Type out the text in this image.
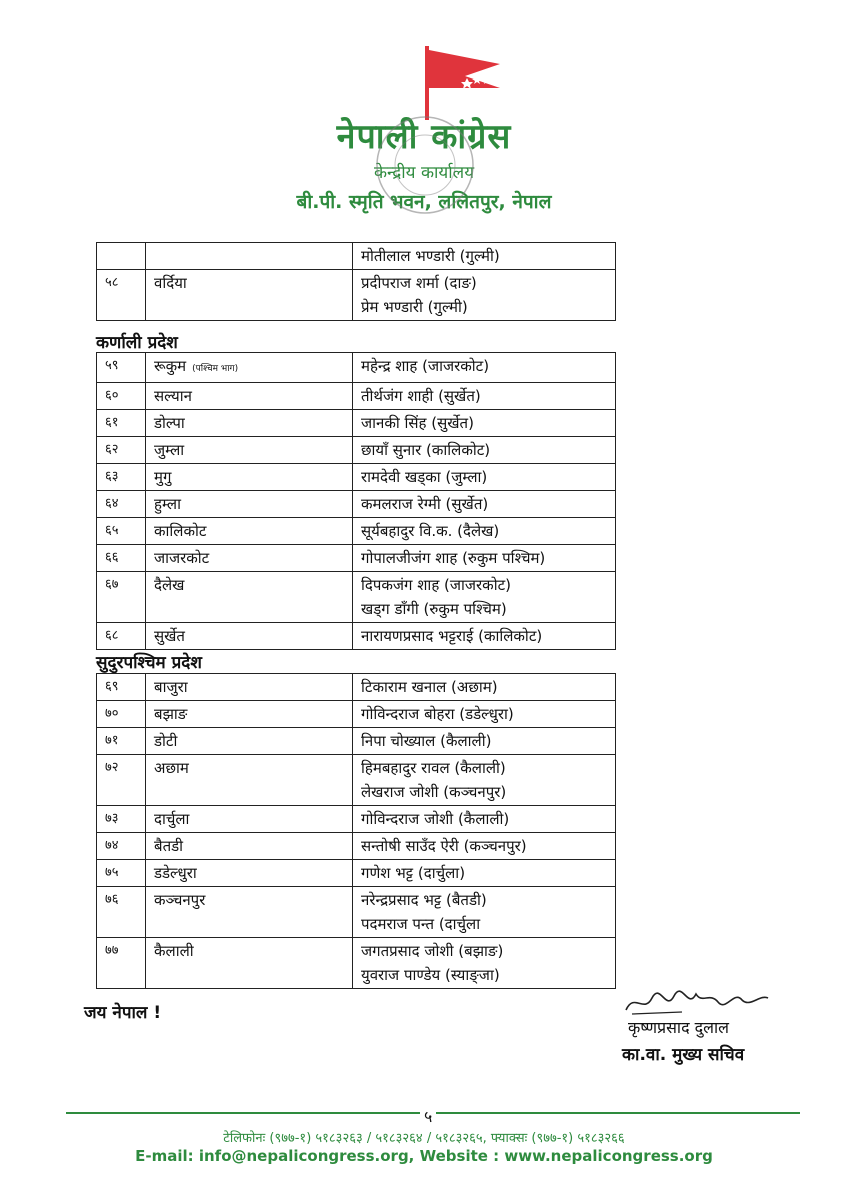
नेपाली कांग्रेस
केन्द्रीय कार्यालय
बी.पी. स्मृति भवन, ललितपुर, नेपाल

		मोतीलाल भण्डारी (गुल्मी)

५८	वर्दिया	प्रदीपराज शर्मा (दाङ)
प्रेम भण्डारी (गुल्मी)
कर्णाली प्रदेश
५९	रूकुम (पश्चिम भाग)	महेन्द्र शाह (जाजरकोट)

६०	सल्यान	तीर्थजंग शाही (सुर्खेत)

६१	डोल्पा	जानकी सिंह (सुर्खेत)

६२	जुम्ला	छायाँ सुनार (कालिकोट)

६३	मुगु	रामदेवी खड्का (जुम्ला)

६४	हुम्ला	कमलराज रेग्मी (सुर्खेत)

६५	कालिकोट	सूर्यबहादुर वि.क. (दैलेख)

६६	जाजरकोट	गोपालजीजंग शाह (रुकुम पश्चिम)

६७	दैलेख	दिपकजंग शाह (जाजरकोट)
खड्ग डाँगी (रुकुम पश्चिम)

६८	सुर्खेत	नारायणप्रसाद भट्टराई (कालिकोट)
सुदुरपश्चिम प्रदेश
६९	बाजुरा	टिकाराम खनाल (अछाम)

७०	बझाङ	गोविन्दराज बोहरा (डडेल्धुरा)

७१	डोटी	निपा चोख्याल (कैलाली)

७२	अछाम	हिमबहादुर रावल (कैलाली)
लेखराज जोशी (कञ्चनपुर)

७३	दार्चुला	गोविन्दराज जोशी (कैलाली)

७४	बैतडी	सन्तोषी साउँद ऐरी (कञ्चनपुर)

७५	डडेल्धुरा	गणेश भट्ट (दार्चुला)

७६	कञ्चनपुर	नरेन्द्रप्रसाद भट्ट (बैतडी)
पदमराज पन्त (दार्चुला

७७	कैलाली	जगतप्रसाद जोशी (बझाङ)
युवराज पाण्डेय (स्याङ्जा)
जय नेपाल !
कृष्णप्रसाद दुलाल
का.वा. मुख्य सचिव
५
टेलिफोनः (९७७-१) ५१८३२६३ / ५१८३२६४ / ५१८३२६५, फ्याक्सः (९७७-१) ५१८३२६६
E-mail: info@nepalicongress.org, Website : www.nepalicongress.org
